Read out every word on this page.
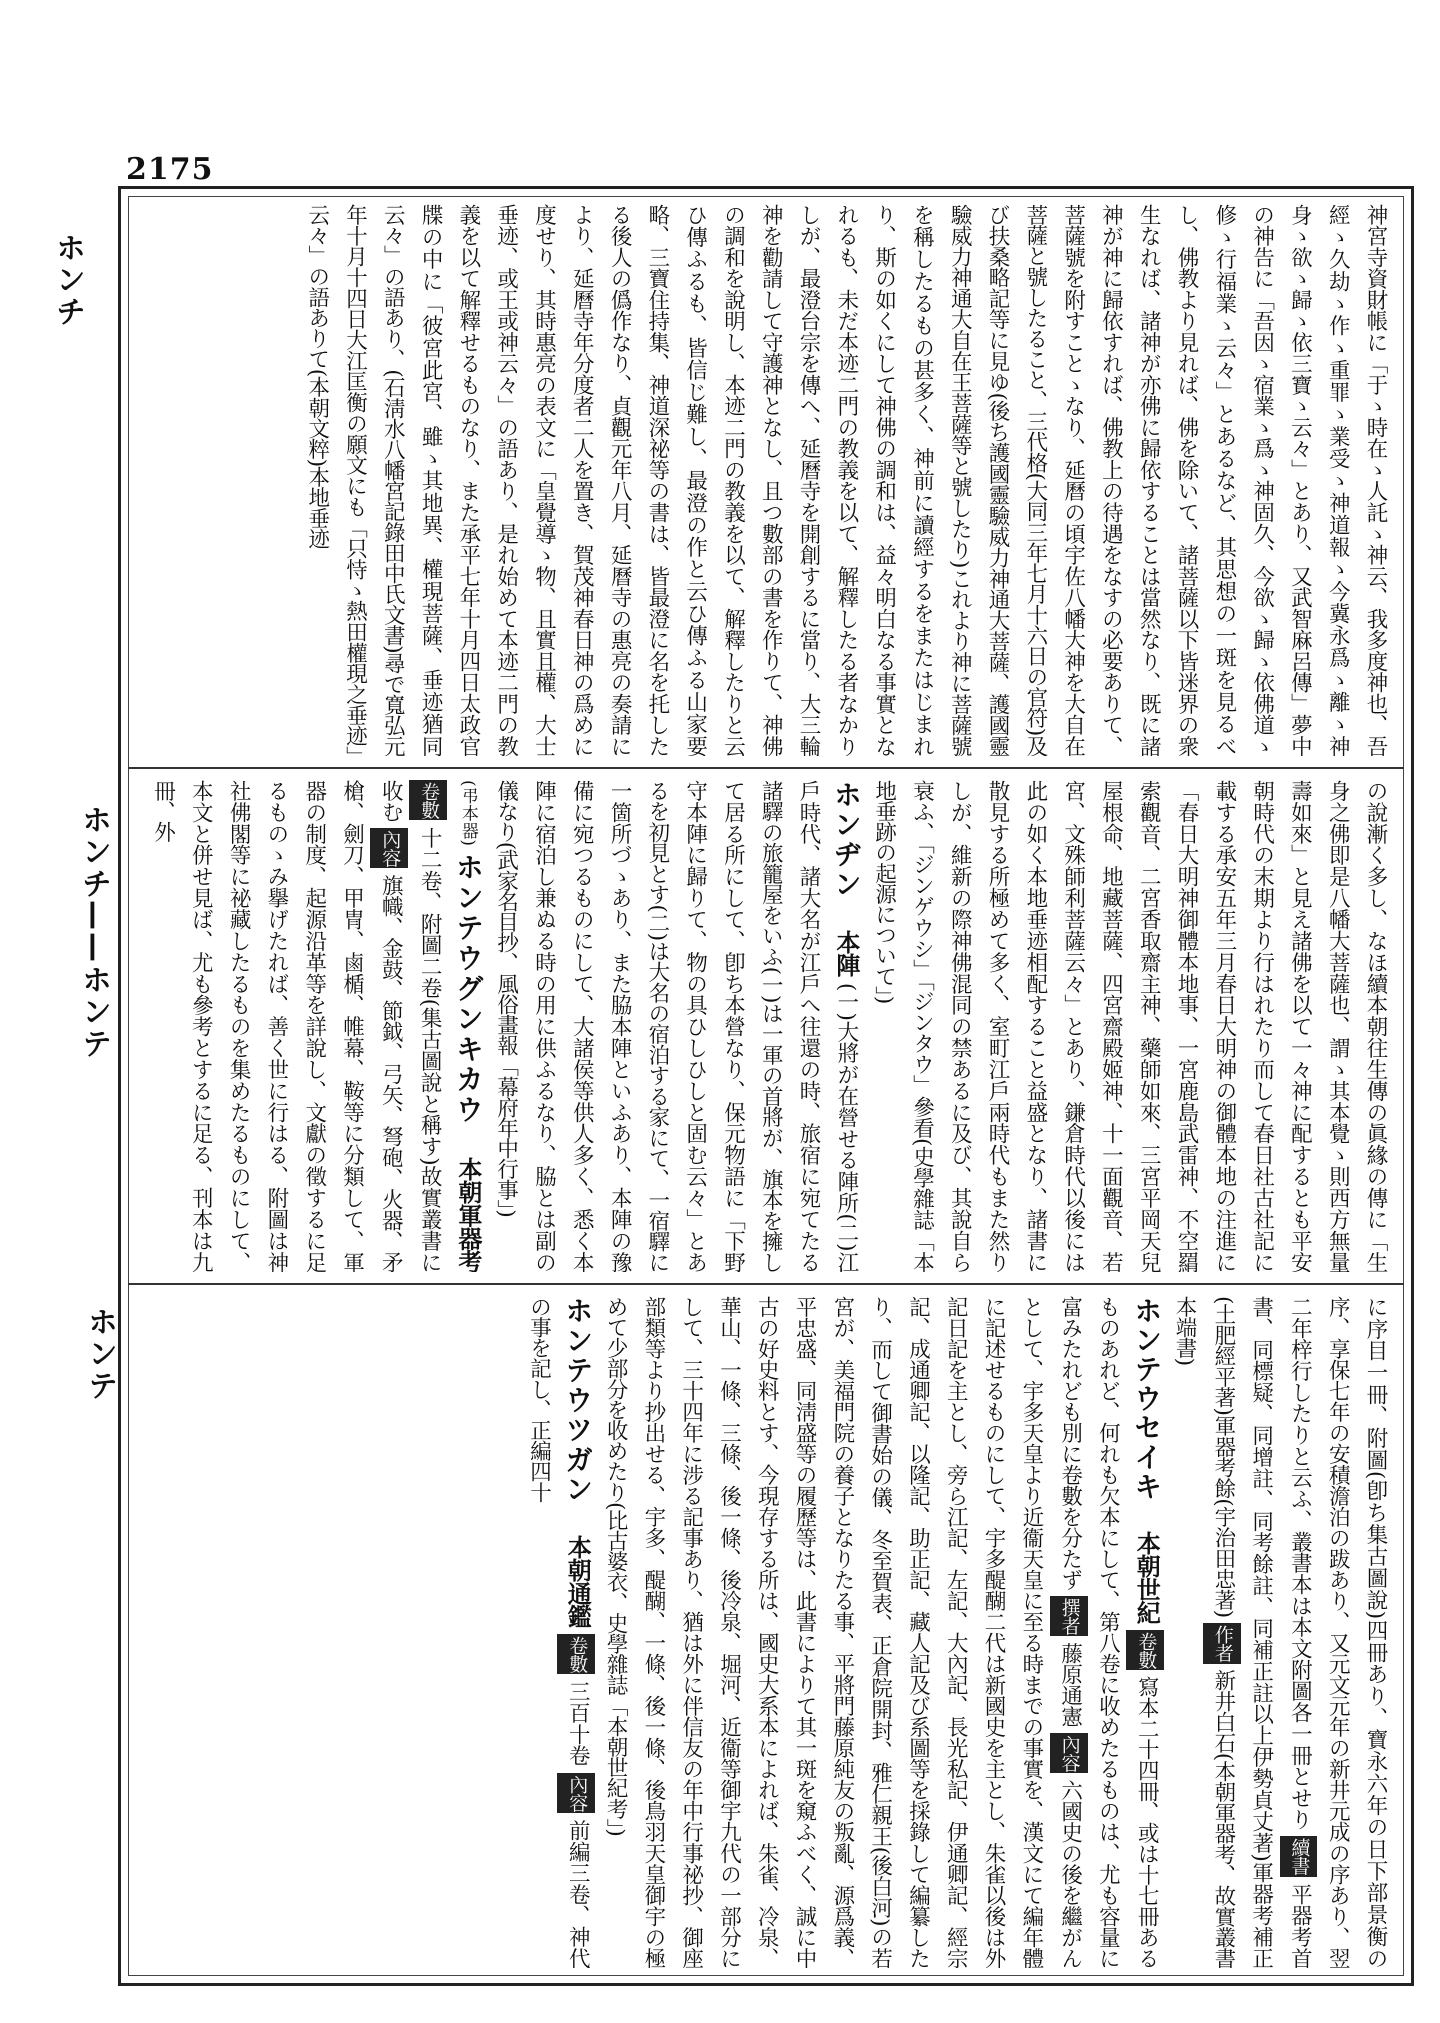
2175
ホンチ
ホンチ——ホンテ
ホンテ

神宮寺資財帳に「于ゝ時在ゝ人託ゝ神云、我多度神也、吾經ゝ久劫ゝ作ゝ重罪ゝ業受ゝ神道報ゝ今冀永爲ゝ離ゝ神身ゝ欲ゝ歸ゝ依三寶ゝ云々」とあり、又武智麻呂傳」夢中の神告に「吾因ゝ宿業ゝ爲ゝ神固久、今欲ゝ歸ゝ依佛道ゝ修ゝ行福業ゝ云々」とあるなど、其思想の一斑を見るべし、佛教より見れば、佛を除いて、諸菩薩以下皆迷界の衆生なれば、諸神が亦佛に歸依することは當然なり、既に諸神が神に歸依すれば、佛教上の待遇をなすの必要ありて、菩薩號を附すことゝなり、延曆の頃宇佐八幡大神を大自在菩薩と號したること、三代格(大同三年七月十六日の官符)及び扶桑略記等に見ゆ(後ち護國靈驗威力神通大菩薩、護國靈驗威力神通大自在王菩薩等と號したり)これより神に菩薩號を稱したるもの甚多く、神前に讀經するをまたはじまれり、斯の如くにして神佛の調和は、益々明白なる事實となれるも、未だ本迹二門の教義を以て、解釋したる者なかりしが、最澄台宗を傳へ、延曆寺を開創するに當り、大三輪神を勸請して守護神となし、且つ數部の書を作りて、神佛の調和を說明し、本迹二門の教義を以て、解釋したりと云ひ傳ふるも、皆信じ難し、最澄の作と云ひ傳ふる山家要略、三寶住持集、神道深祕等の書は、皆最澄に名を托したる後人の僞作なり、貞觀元年八月、延曆寺の惠亮の奏請により、延曆寺年分度者二人を置き、賀茂神春日神の爲めに度せり、其時惠亮の表文に「皇覺導ゝ物、且實且權、大士垂迹、或王或神云々」の語あり、是れ始めて本迹二門の教義を以て解釋せるものなり、また承平七年十月四日太政官牒の中に「彼宮此宮、雖ゝ其地異、權現菩薩、垂迹猶同云々」の語あり、(石淸水八幡宮記錄田中氏文書)尋で寬弘元年十月十四日大江匡衡の願文にも「只恃ゝ熱田權現之垂迹」云々」の語ありて(本朝文粹)本地垂迹

の說漸く多し、なほ續本朝往生傳の眞緣の傳に「生身之佛即是八幡大菩薩也、謂ゝ其本覺ゝ則西方無量壽如來」と見え諸佛を以て一々神に配するとも平安朝時代の末期より行はれたり而して春日社古社記に載する承安五年三月春日大明神の御體本地の注進に「春日大明神御體本地事、一宮鹿島武雷神、不空羂索觀音、二宮香取齋主神、藥師如來、三宮平岡天兒屋根命、地藏菩薩、四宮齋殿姬神、十一面觀音、若宮、文殊師利菩薩云々」とあり、鎌倉時代以後には此の如く本地垂迹相配すること益盛となり、諸書に散見する所極めて多く、室町江戶兩時代もまた然りしが、維新の際神佛混同の禁あるに及び、其說自ら衰ふ、「ジンゲウシ」「ジンタウ」參看(史學雜誌「本地垂跡の起源について」)

ホンヂン 本陣 (一)大將が在營せる陣所(二)江戶時代、諸大名が江戶へ往還の時、旅宿に宛てたる諸驛の旅籠屋をいふ(一)は一軍の首將が、旗本を擁して居る所にして、卽ち本營なり、保元物語に「下野守本陣に歸りて、物の具ひしひしと固む云々」とあるを初見とす(二)は大名の宿泊する家にて、一宿驛に一箇所づゝあり、また脇本陣といふあり、本陣の豫備に宛つるものにして、大諸侯等供人多く、悉く本陣に宿泊し兼ぬる時の用に供ふるなり、脇とは副の儀なり(武家名目抄、風俗畫報「幕府年中行事」)

(弔本器) ホンテウグンキカウ 本朝軍器考 卷數 十二卷、附圖二卷(集古圖說と稱す)故實叢書に收む 內容 旗幟、金鼓、節鉞、弓矢、弩砲、火器、矛槍、劍刀、甲冑、鹵楯、帷幕、鞍等に分類して、軍器の制度、起源沿革等を詳說し、文獻の徵するに足るものゝみ擧げたれば、善く世に行はる、附圖は神社佛閣等に祕藏したるものを集めたるものにして、本文と併せ見ば、尤も參考とするに足る、刊本は九冊、外

に序目一冊、附圖(卽ち集古圖說)四冊あり、寶永六年の日下部景衡の序、享保七年の安積澹泊の跋あり、又元文元年の新井元成の序あり、翌二年梓行したりと云ふ、叢書本は本文附圖各一冊とせり 續書 平器考首書、同標疑、同增註、同考餘註、同補正註以上伊勢貞丈著)軍器考補正(土肥經平著)軍器考餘(宇治田忠著) 作者 新井白石(本朝軍器考、故實叢書本端書)

ホンテウセイキ 本朝世紀 卷數 寫本二十四冊、或は十七冊あるものあれど、何れも欠本にして、第八卷に收めたるものは、尤も容量に富みたれども別に卷數を分たず 撰者 藤原通憲 內容 六國史の後を繼がんとして、宇多天皇より近衞天皇に至る時までの事實を、漢文にて編年體に記述せるものにして、宇多醍醐二代は新國史を主とし、朱雀以後は外記日記を主とし、旁ら江記、左記、大內記、長光私記、伊通卿記、經宗記、成通卿記、以隆記、助正記、藏人記及び系圖等を採錄して編纂したり、而して御書始の儀、冬至賀表、正倉院開封、雅仁親王(後白河)の若宮が、美福門院の養子となりたる事、平將門藤原純友の叛亂、源爲義、平忠盛、同淸盛等の履歷等は、此書によりて其一斑を窺ふべく、誠に中古の好史料とす、今現存する所は、國史大系本によれば、朱雀、冷泉、華山、一條、三條、後一條、後冷泉、堀河、近衞等御宇九代の一部分にして、三十四年に涉る記事あり、猶は外に伴信友の年中行事祕抄、御座部類等より抄出せる、宇多、醍醐、一條、後一條、後鳥羽天皇御宇の極めて少部分を收めたり(比古婆衣、史學雜誌「本朝世紀考」)

ホンテウツガン 本朝通鑑 卷數 三百十卷 內容 前編三卷、神代の事を記し、正編四十
